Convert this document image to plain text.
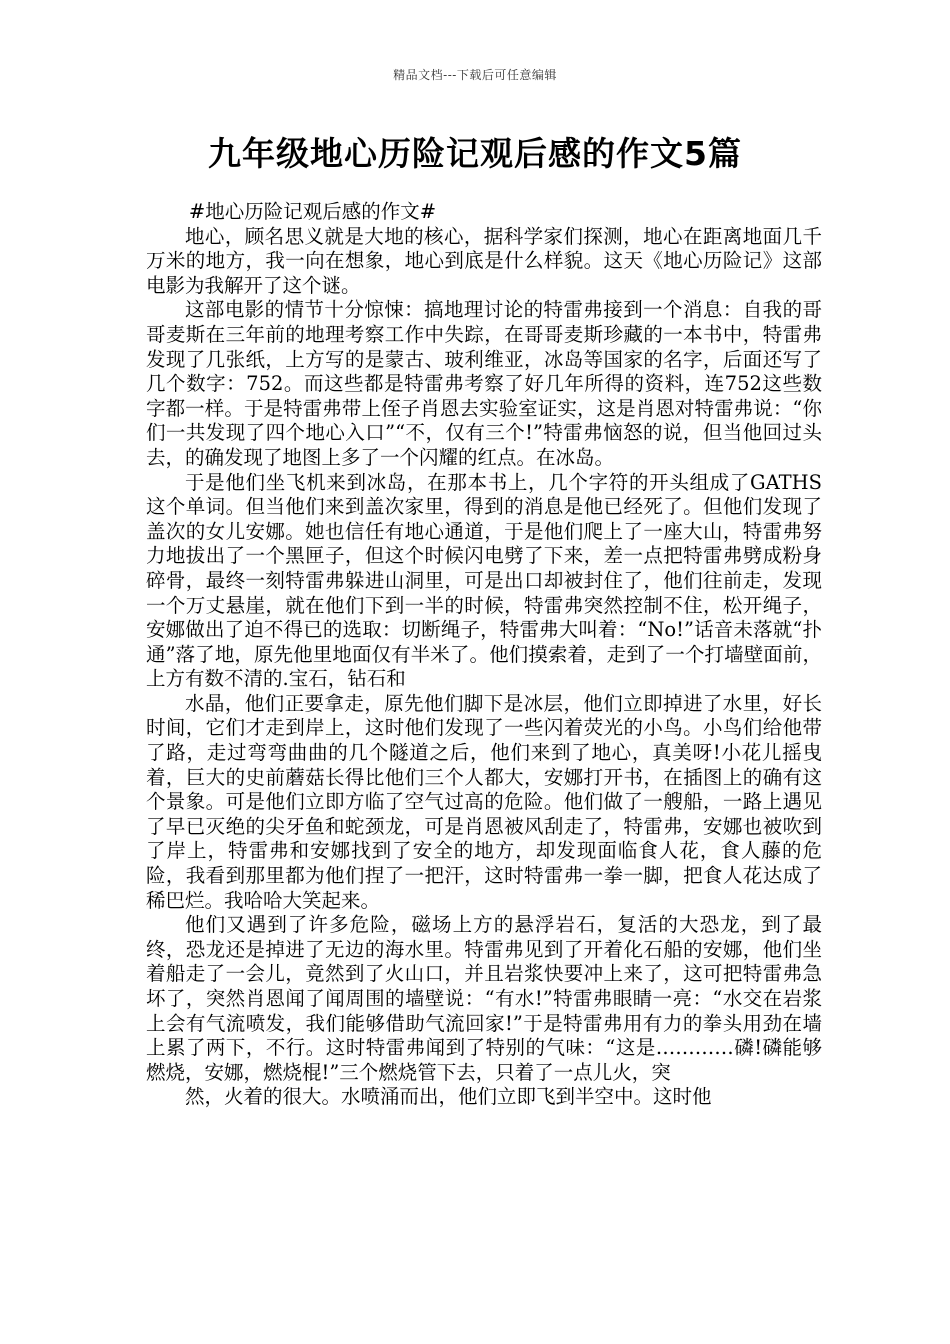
精品文档---下载后可任意编辑
九年级地心历险记观后感的作文5篇

#地心历险记观后感的作文#

地心，顾名思义就是大地的核心，据科学家们探测，地心在距离地面几千万米的地方，我一向在想象，地心到底是什么样貌。这天《地心历险记》这部电影为我解开了这个谜。

这部电影的情节十分惊悚：搞地理讨论的特雷弗接到一个消息：自我的哥哥麦斯在三年前的地理考察工作中失踪，在哥哥麦斯珍藏的一本书中，特雷弗发现了几张纸，上方写的是蒙古、玻利维亚，冰岛等国家的名字，后面还写了几个数字：752。而这些都是特雷弗考察了好几年所得的资料，连752这些数字都一样。于是特雷弗带上侄子肖恩去实验室证实，这是肖恩对特雷弗说：“你们一共发现了四个地心入口”“不，仅有三个!”特雷弗恼怒的说，但当他回过头去，的确发现了地图上多了一个闪耀的红点。在冰岛。

于是他们坐飞机来到冰岛，在那本书上，几个字符的开头组成了GATHS这个单词。但当他们来到盖次家里，得到的消息是他已经死了。但他们发现了盖次的女儿安娜。她也信任有地心通道，于是他们爬上了一座大山，特雷弗努力地拔出了一个黑匣子，但这个时候闪电劈了下来，差一点把特雷弗劈成粉身碎骨，最终一刻特雷弗躲进山洞里，可是出口却被封住了，他们往前走，发现一个万丈悬崖，就在他们下到一半的时候，特雷弗突然控制不住，松开绳子，安娜做出了迫不得已的选取：切断绳子，特雷弗大叫着：“No!”话音未落就“扑通”落了地，原先他里地面仅有半米了。他们摸索着，走到了一个打墙壁面前，上方有数不清的.宝石，钻石和

水晶，他们正要拿走，原先他们脚下是冰层，他们立即掉进了水里，好长时间，它们才走到岸上，这时他们发现了一些闪着荧光的小鸟。小鸟们给他带了路，走过弯弯曲曲的几个隧道之后，他们来到了地心，真美呀!小花儿摇曳着，巨大的史前蘑菇长得比他们三个人都大，安娜打开书，在插图上的确有这个景象。可是他们立即方临了空气过高的危险。他们做了一艘船，一路上遇见了早已灭绝的尖牙鱼和蛇颈龙，可是肖恩被风刮走了，特雷弗，安娜也被吹到了岸上，特雷弗和安娜找到了安全的地方，却发现面临食人花，食人藤的危险，我看到那里都为他们捏了一把汗，这时特雷弗一拳一脚，把食人花达成了稀巴烂。我哈哈大笑起来。

他们又遇到了许多危险，磁场上方的悬浮岩石，复活的大恐龙，到了最终，恐龙还是掉进了无边的海水里。特雷弗见到了开着化石船的安娜，他们坐着船走了一会儿，竟然到了火山口，并且岩浆快要冲上来了，这可把特雷弗急坏了，突然肖恩闻了闻周围的墙壁说：“有水!”特雷弗眼睛一亮：“水交在岩浆上会有气流喷发，我们能够借助气流回家!”于是特雷弗用有力的拳头用劲在墙上累了两下，不行。这时特雷弗闻到了特别的气味：“这是…………磷!磷能够燃烧，安娜，燃烧棍!”三个燃烧管下去，只着了一点儿火，突

然，火着的很大。水喷涌而出，他们立即飞到半空中。这时他
